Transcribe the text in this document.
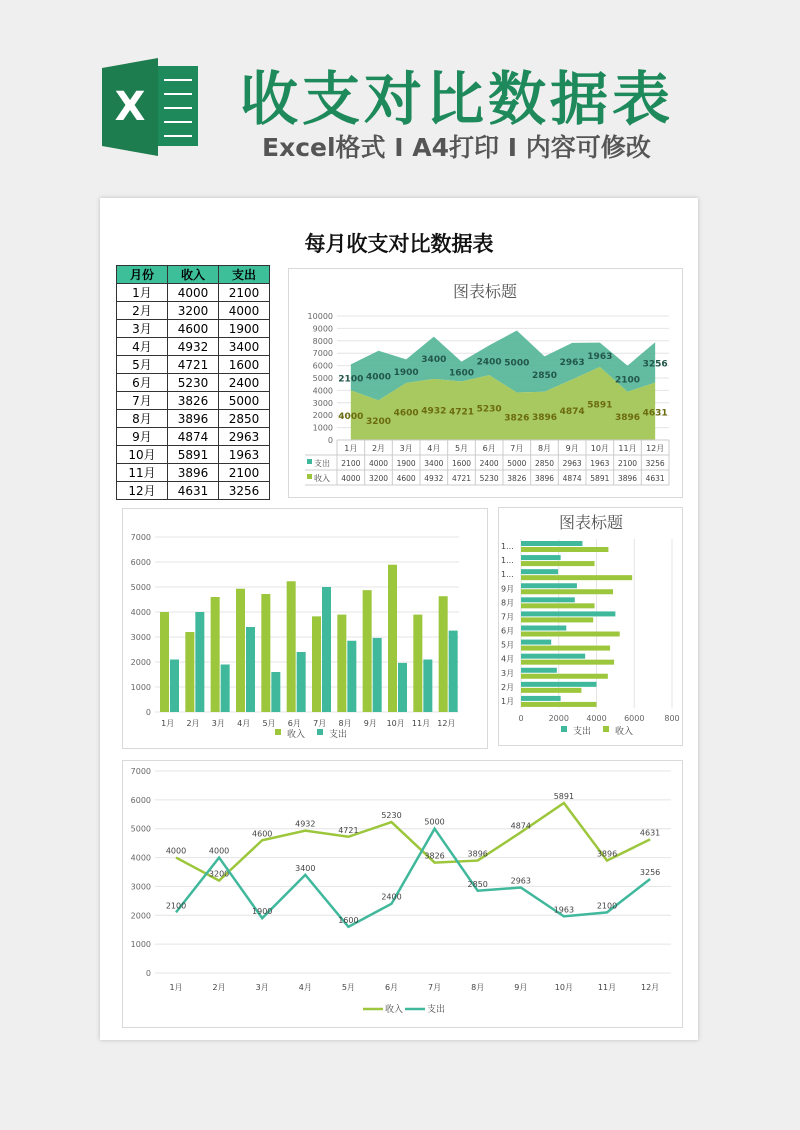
X 收支对比数据表
Excel格式 I A4打印 I 内容可修改
每月收支对比数据表
月份	收入	支出
1月	4000	2100
2月	3200	4000
3月	4600	1900
4月	4932	3400
5月	4721	1600
6月	5230	2400
7月	3826	5000
8月	3896	2850
9月	4874	2963
10月	5891	1963
11月	3896	2100
12月	4631	3256
图表标题
0
1000
2000
3000
4000
5000
6000
7000
8000
9000
10000
4000
2100
3200
4000
4600
1900
4932
3400
4721
1600
5230
2400
3826
5000
3896
2850
4874
2963
5891
1963
3896
2100
4631
3256
1月 2月 3月 4月 5月 6月 7月 8月 9月 10月 11月 12月
支出 2100 4000 1900 3400 1600 2400 5000 2850 2963 1963 2100 3256
收入 4000 3200 4600 4932 4721 5230 3826 3896 4874 5891 3896 4631
0
1000
2000
3000
4000
5000
6000
7000
1月 2月 3月 4月 5月 6月 7月 8月 9月 10月 11月 12月
收入	支出
图表标题
0	2000 4000 6000 800
1月
2月
3月
4月
5月
6月
7月
8月
9月
1...
1...
1...
支出	收入
0
1000
2000
3000
4000
5000
6000
7000
4000
3200
4600
4932
4721
5230
3826	3896
4874
5891
3896
4631
2100
4000
1900
3400
1600
2400
5000
2850	2963
1963	2100
3256
1月	2月	3月	4月	5月	6月	7月	8月	9月	10月	11月	12月
收入	支出
